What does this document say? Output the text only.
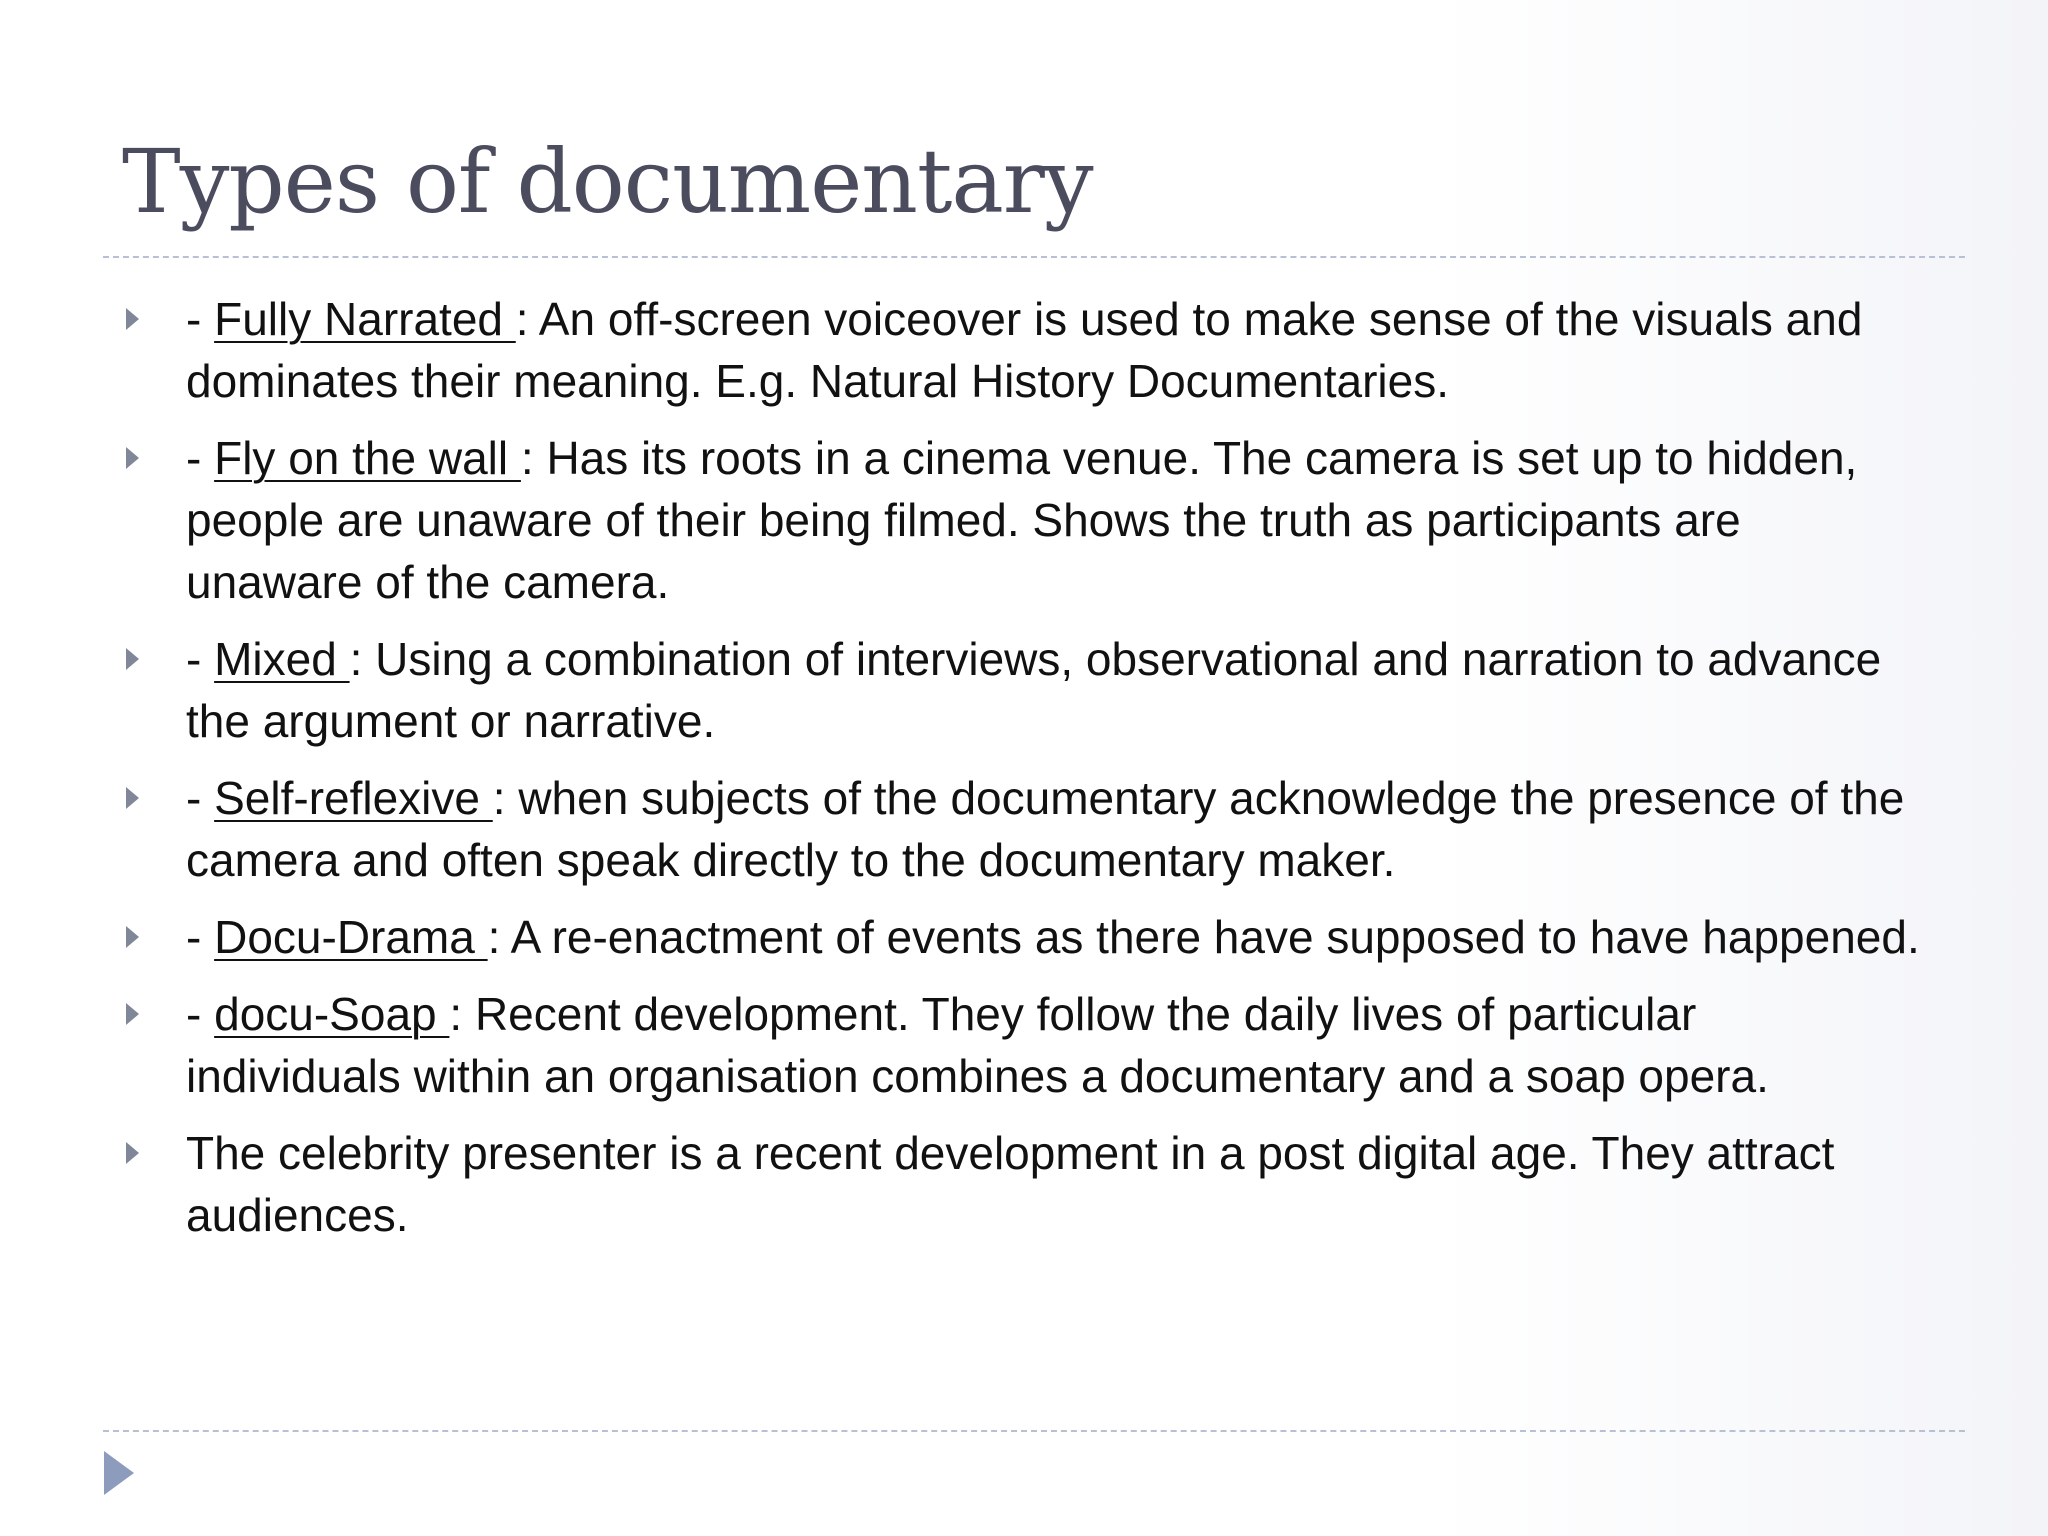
Types of documentary
- Fully Narrated : An off-screen voiceover is used to make sense of the visuals and dominates their meaning. E.g. Natural History Documentaries.
- Fly on the wall : Has its roots in a cinema venue. The camera is set up to hidden, people are unaware of their being filmed. Shows the truth as participants are unaware of the camera.
- Mixed : Using a combination of interviews, observational and narration to advance the argument or narrative.
- Self-reflexive : when subjects of the documentary acknowledge the presence of the camera and often speak directly to the documentary maker.
- Docu-Drama : A re-enactment of events as there have supposed to have happened.
- docu-Soap : Recent development. They follow the daily lives of particular individuals within an organisation combines a documentary and a soap opera.
The celebrity presenter is a recent development in a post digital age. They attract audiences.
